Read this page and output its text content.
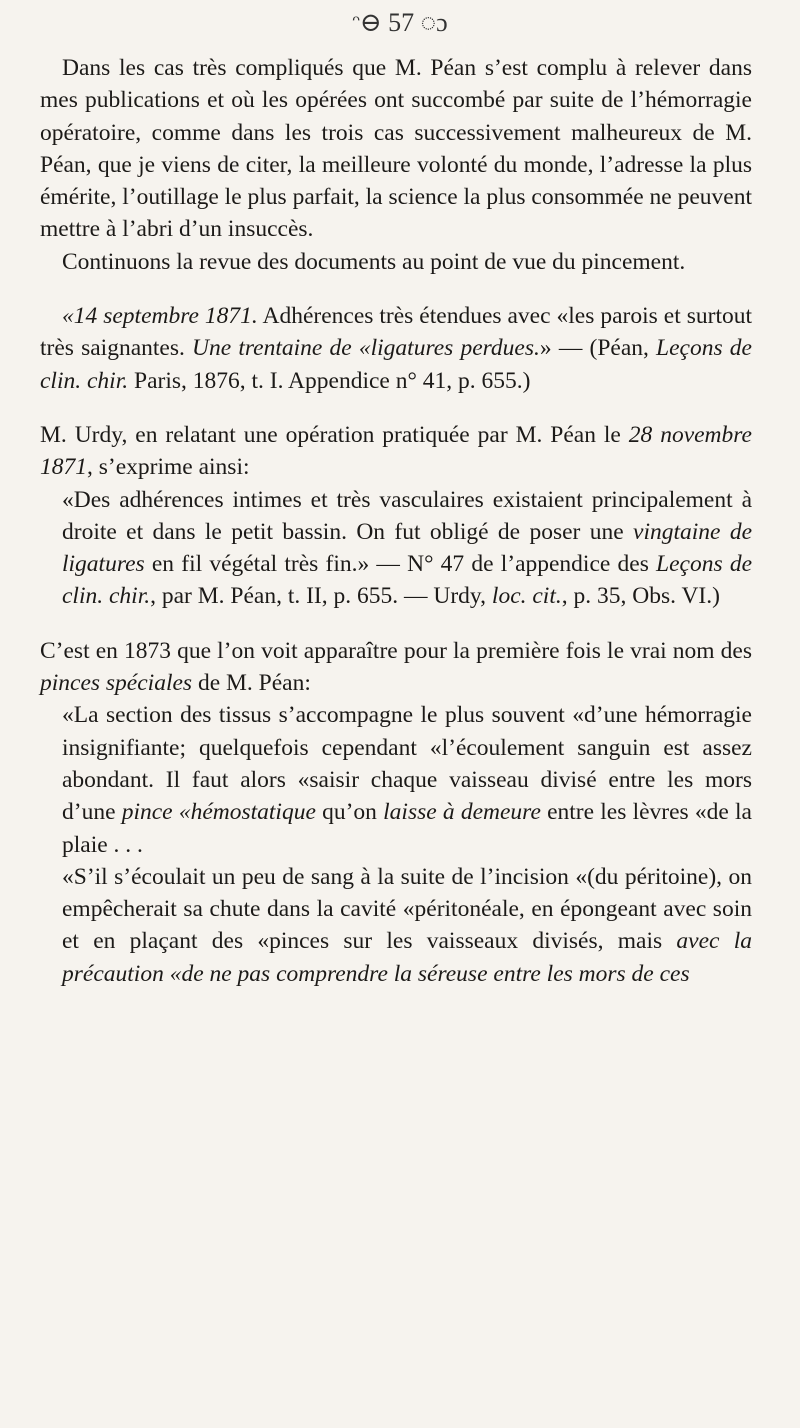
ᵔ⊖ 57 ◌ɔ

Dans les cas très compliqués que M. Péan s’est complu à relever dans mes publications et où les opérées ont succombé par suite de l’hémorragie opératoire, comme dans les trois cas successivement malheureux de M. Péan, que je viens de citer, la meilleure volonté du monde, l’adresse la plus émérite, l’outillage le plus parfait, la science la plus consommée ne peuvent mettre à l’abri d’un insuccès.

Continuons la revue des documents au point de vue du pincement.

«14 septembre 1871. Adhérences très étendues avec «les parois et surtout très saignantes. Une trentaine de «ligatures perdues.» — (Péan, Leçons de clin. chir. Paris, 1876, t. I. Appendice n° 41, p. 655.)

M. Urdy, en relatant une opération pratiquée par M. Péan le 28 novembre 1871, s’exprime ainsi:

«Des adhérences intimes et très vasculaires existaient principalement à droite et dans le petit bassin. On fut obligé de poser une vingtaine de ligatures en fil végétal très fin.» — N° 47 de l’appendice des Leçons de clin. chir., par M. Péan, t. II, p. 655. — Urdy, loc. cit., p. 35, Obs. VI.)

C’est en 1873 que l’on voit apparaître pour la première fois le vrai nom des pinces spéciales de M. Péan:

«La section des tissus s’accompagne le plus souvent «d’une hémorragie insignifiante; quelquefois cependant «l’écoulement sanguin est assez abondant. Il faut alors «saisir chaque vaisseau divisé entre les mors d’une pince «hémostatique qu’on laisse à demeure entre les lèvres «de la plaie . . .

«S’il s’écoulait un peu de sang à la suite de l’incision «(du péritoine), on empêcherait sa chute dans la cavité «péritonéale, en épongeant avec soin et en plaçant des «pinces sur les vaisseaux divisés, mais avec la précaution «de ne pas comprendre la séreuse entre les mors de ces
